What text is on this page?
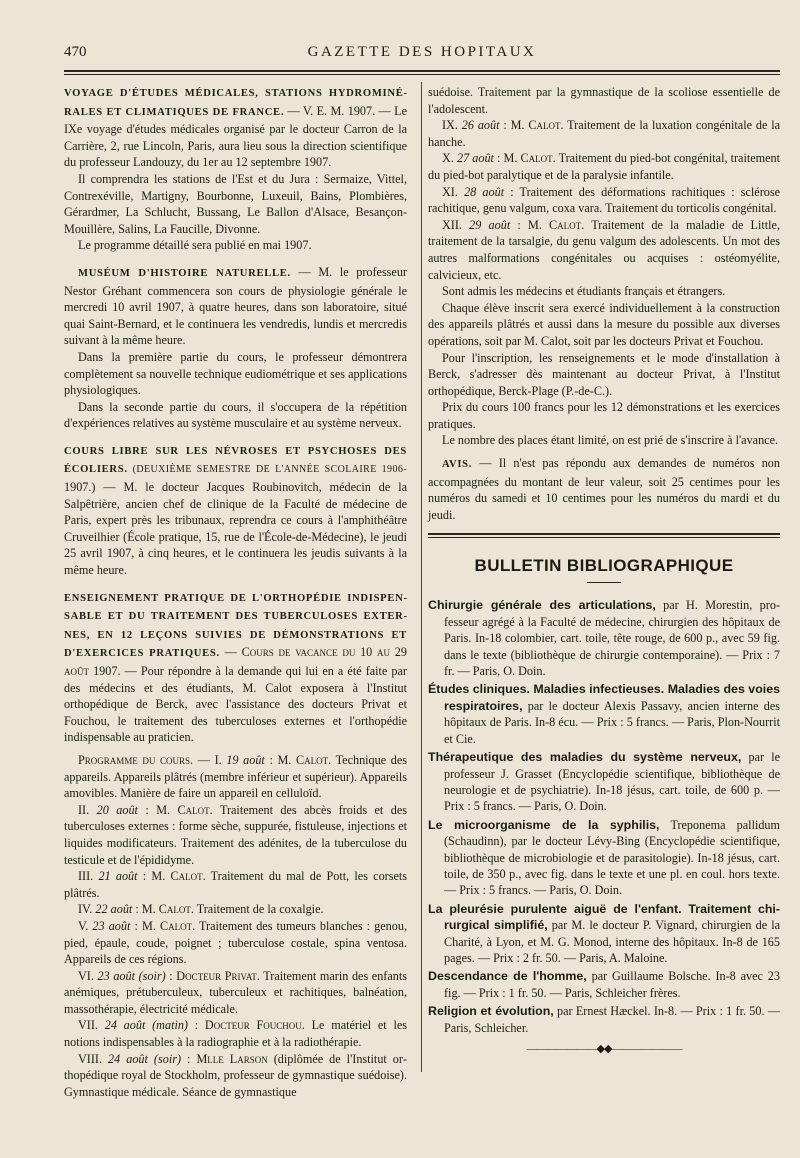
470	GAZETTE DES HOPITAUX

VOYAGE D'ÉTUDES MÉDICALES, STATIONS HYDROMINÉRALES ET CLIMATIQUES DE FRANCE. — V. E. M. 1907. — Le IXe voyage d'études médicales organisé par le docteur Carron de la Carrière, 2, rue Lincoln, Paris, aura lieu sous la direction scientifique du professeur Landouzy, du 1er au 12 septembre 1907.

Il comprendra les stations de l'Est et du Jura : Sermaize, Vittel, Contrexéville, Martigny, Bourbonne, Luxeuil, Bains, Plombières, Gérardmer, La Schlucht, Bussang, Le Ballon d'Alsace, Besançon-Mouillère, Salins, La Faucille, Divonne.

Le programme détaillé sera publié en mai 1907.

MUSÉUM D'HISTOIRE NATURELLE. — M. le professeur Nestor Gréhant commencera son cours de physiologie générale le mercredi 10 avril 1907, à quatre heures, dans son laboratoire, situé quai Saint-Bernard, et le continuera les vendredis, lundis et mercredis suivant à la même heure.

Dans la première partie du cours, le professeur démontrera complètement sa nouvelle technique eudiométrique et ses applications physiologiques.

Dans la seconde partie du cours, il s'occupera de la répétition d'expériences relatives au système musculaire et au système nerveux.

COURS LIBRE SUR LES NÉVROSES ET PSYCHOSES DES ÉCOLIERS. (DEUXIÈME SEMESTRE DE L'ANNÉE SCOLAIRE 1906-1907.) — M. le docteur Jacques Roubinovitch, médecin de la Salpêtrière, ancien chef de clinique de la Faculté de médecine de Paris, expert près les tribunaux, reprendra ce cours à l'amphithéâtre Cruveilhier (École pratique, 15, rue de l'École-de-Médecine), le jeudi 25 avril 1907, à cinq heures, et le continuera les jeudis suivants à la même heure.

ENSEIGNEMENT PRATIQUE DE L'ORTHOPÉDIE INDISPENSABLE ET DU TRAITEMENT DES TUBERCULOSES EXTERNES, EN 12 LEÇONS SUIVIES DE DÉMONSTRATIONS ET D'EXERCICES PRATIQUES. — Cours de vacance du 10 au 29 août 1907. — Pour répondre à la demande qui lui en a été faite par des médecins et des étudiants, M. Calot exposera à l'Institut orthopédique de Berck, avec l'assistance des docteurs Privat et Fouchou, le traitement des tuberculoses externes et l'orthopédie indispensable au praticien.

Programme du cours. — I. 19 août : M. Calot. Technique des appareils. Appareils plâtrés (membre inférieur et supérieur). Appareils amovibles. Manière de faire un appareil en celluloïd.

II. 20 août : M. Calot. Traitement des abcès froids et des tuberculoses externes : forme sèche, suppurée, fistuleuse, injections et liquides modificateurs. Traitement des adénites, de la tuberculose du testicule et de l'épididyme.

III. 21 août : M. Calot. Traitement du mal de Pott, les corsets plâtrés.

IV. 22 août : M. Calot. Traitement de la coxalgie.

V. 23 août : M. Calot. Traitement des tumeurs blanches : genou, pied, épaule, coude, poignet ; tuberculose costale, spina ventosa. Appareils de ces régions.

VI. 23 août (soir) : Docteur Privat. Traitement marin des enfants anémiques, prétuberculeux, tuberculeux et rachitiques, balnéation, massothérapie, électricité médicale.

VII. 24 août (matin) : Docteur Fouchou. Le matériel et les notions indispensables à la radiographie et à la radiothérapie.

VIII. 24 août (soir) : Mlle Larson (diplômée de l'Institut orthopédique royal de Stockholm, professeur de gymnastique suédoise). Gymnastique médicale. Séance de gymnastique

suédoise. Traitement par la gymnastique de la scoliose essentielle de l'adolescent.

IX. 26 août : M. Calot. Traitement de la luxation congénitale de la hanche.

X. 27 août : M. Calot. Traitement du pied-bot congénital, traitement du pied-bot paralytique et de la paralysie infantile.

XI. 28 août : Traitement des déformations rachitiques : sclérose rachitique, genu valgum, coxa vara. Traitement du torticolis congénital.

XII. 29 août : M. Calot. Traitement de la maladie de Little, traitement de la tarsalgie, du genu valgum des adolescents. Un mot des autres malformations congénitales ou acquises : ostéomyélite, calvicieux, etc.

Sont admis les médecins et étudiants français et étrangers.

Chaque élève inscrit sera exercé individuellement à la construction des appareils plâtrés et aussi dans la mesure du possible aux diverses opérations, soit par M. Calot, soit par les docteurs Privat et Fouchou.

Pour l'inscription, les renseignements et le mode d'installation à Berck, s'adresser dès maintenant au docteur Privat, à l'Institut orthopédique, Berck-Plage (P.-de-C.).

Prix du cours 100 francs pour les 12 démonstrations et les exercices pratiques.

Le nombre des places étant limité, on est prié de s'inscrire à l'avance.

AVIS. — Il n'est pas répondu aux demandes de numéros non accompagnées du montant de leur valeur, soit 25 centimes pour les numéros du samedi et 10 centimes pour les numéros du mardi et du jeudi.

BULLETIN BIBLIOGRAPHIQUE

Chirurgie générale des articulations, par H. Morestin, professeur agrégé à la Faculté de médecine, chirurgien des hôpitaux de Paris. In-18 colombier, cart. toile, tête rouge, de 600 p., avec 59 fig. dans le texte (bibliothèque de chirurgie contemporaine). — Prix : 7 fr. — Paris, O. Doin.

Études cliniques. Maladies infectieuses. Maladies des voies respiratoires, par le docteur Alexis Passavy, ancien interne des hôpitaux de Paris. In-8 écu. — Prix : 5 francs. — Paris, Plon-Nourrit et Cie.

Thérapeutique des maladies du système nerveux, par le professeur J. Grasset (Encyclopédie scientifique, bibliothèque de neurologie et de psychiatrie). In-18 jésus, cart. toile, de 600 p. — Prix : 5 francs. — Paris, O. Doin.

Le microorganisme de la syphilis, Treponema pallidum (Schaudinn), par le docteur Lévy-Bing (Encyclopédie scientifique, bibliothèque de microbiologie et de parasitologie). In-18 jésus, cart. toile, de 350 p., avec fig. dans le texte et une pl. en coul. hors texte. — Prix : 5 francs. — Paris, O. Doin.

La pleurésie purulente aiguë de l'enfant. Traitement chirurgical simplifié, par M. le docteur P. Vignard, chirurgien de la Charité, à Lyon, et M. G. Monod, interne des hôpitaux. In-8 de 165 pages. — Prix : 2 fr. 50. — Paris, A. Maloine.

Descendance de l'homme, par Guillaume Bolsche. In-8 avec 23 fig. — Prix : 1 fr. 50. — Paris, Schleicher frères.

Religion et évolution, par Ernest Hæckel. In-8. — Prix : 1 fr. 50. — Paris, Schleicher.

———————◆◆———————
